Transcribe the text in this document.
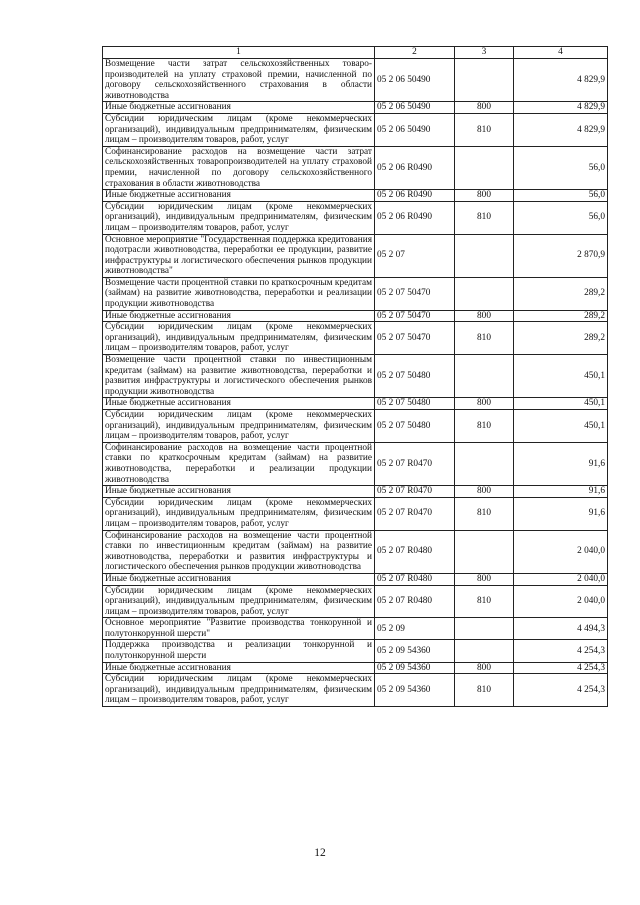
1	2	3	4
Возмещение части затрат сельскохозяйственных товаро-производителей на уплату страховой премии, начисленной по договору сельскохозяйственного страхования в области животноводства	05 2 06 50490		4 829,9
Иные бюджетные ассигнования	05 2 06 50490	800	4 829,9
Субсидии юридическим лицам (кроме некоммерческих организаций), индивидуальным предпринимателям, физическим лицам – производителям товаров, работ, услуг	05 2 06 50490	810	4 829,9
Софинансирование расходов на возмещение части затрат сельскохозяйственных товаропроизводителей на уплату страховой премии, начисленной по договору сельскохозяйственного страхования в области животноводства	05 2 06 R0490		56,0
Иные бюджетные ассигнования	05 2 06 R0490	800	56,0
Субсидии юридическим лицам (кроме некоммерческих организаций), индивидуальным предпринимателям, физическим лицам – производителям товаров, работ, услуг	05 2 06 R0490	810	56,0
Основное мероприятие "Государственная поддержка кредитования подотрасли животноводства, переработки ее продукции, развитие инфраструктуры и логистического обеспечения рынков продукции животноводства"	05 2 07		2 870,9
Возмещение части процентной ставки по краткосрочным кредитам (займам) на развитие животноводства, переработки и реализации продукции животноводства	05 2 07 50470		289,2
Иные бюджетные ассигнования	05 2 07 50470	800	289,2
Субсидии юридическим лицам (кроме некоммерческих организаций), индивидуальным предпринимателям, физическим лицам – производителям товаров, работ, услуг	05 2 07 50470	810	289,2
Возмещение части процентной ставки по инвестиционным кредитам (займам) на развитие животноводства, переработки и развития инфраструктуры и логистического обеспечения рынков продукции животноводства	05 2 07 50480		450,1
Иные бюджетные ассигнования	05 2 07 50480	800	450,1
Субсидии юридическим лицам (кроме некоммерческих организаций), индивидуальным предпринимателям, физическим лицам – производителям товаров, работ, услуг	05 2 07 50480	810	450,1
Софинансирование расходов на возмещение части процентной ставки по краткосрочным кредитам (займам) на развитие животноводства, переработки и реализации продукции животноводства	05 2 07 R0470		91,6
Иные бюджетные ассигнования	05 2 07 R0470	800	91,6
Субсидии юридическим лицам (кроме некоммерческих организаций), индивидуальным предпринимателям, физическим лицам – производителям товаров, работ, услуг	05 2 07 R0470	810	91,6
Софинансирование расходов на возмещение части процентной ставки по инвестиционным кредитам (займам) на развитие животноводства, переработки и развития инфраструктуры и логистического обеспечения рынков продукции животноводства	05 2 07 R0480		2 040,0
Иные бюджетные ассигнования	05 2 07 R0480	800	2 040,0
Субсидии юридическим лицам (кроме некоммерческих организаций), индивидуальным предпринимателям, физическим лицам – производителям товаров, работ, услуг	05 2 07 R0480	810	2 040,0
Основное мероприятие "Развитие производства тонкорунной и полутонкорунной шерсти"	05 2 09		4 494,3
Поддержка производства и реализации тонкорунной и полутонкорунной шерсти	05 2 09 54360		4 254,3
Иные бюджетные ассигнования	05 2 09 54360	800	4 254,3
Субсидии юридическим лицам (кроме некоммерческих организаций), индивидуальным предпринимателям, физическим лицам – производителям товаров, работ, услуг	05 2 09 54360	810	4 254,3
12
